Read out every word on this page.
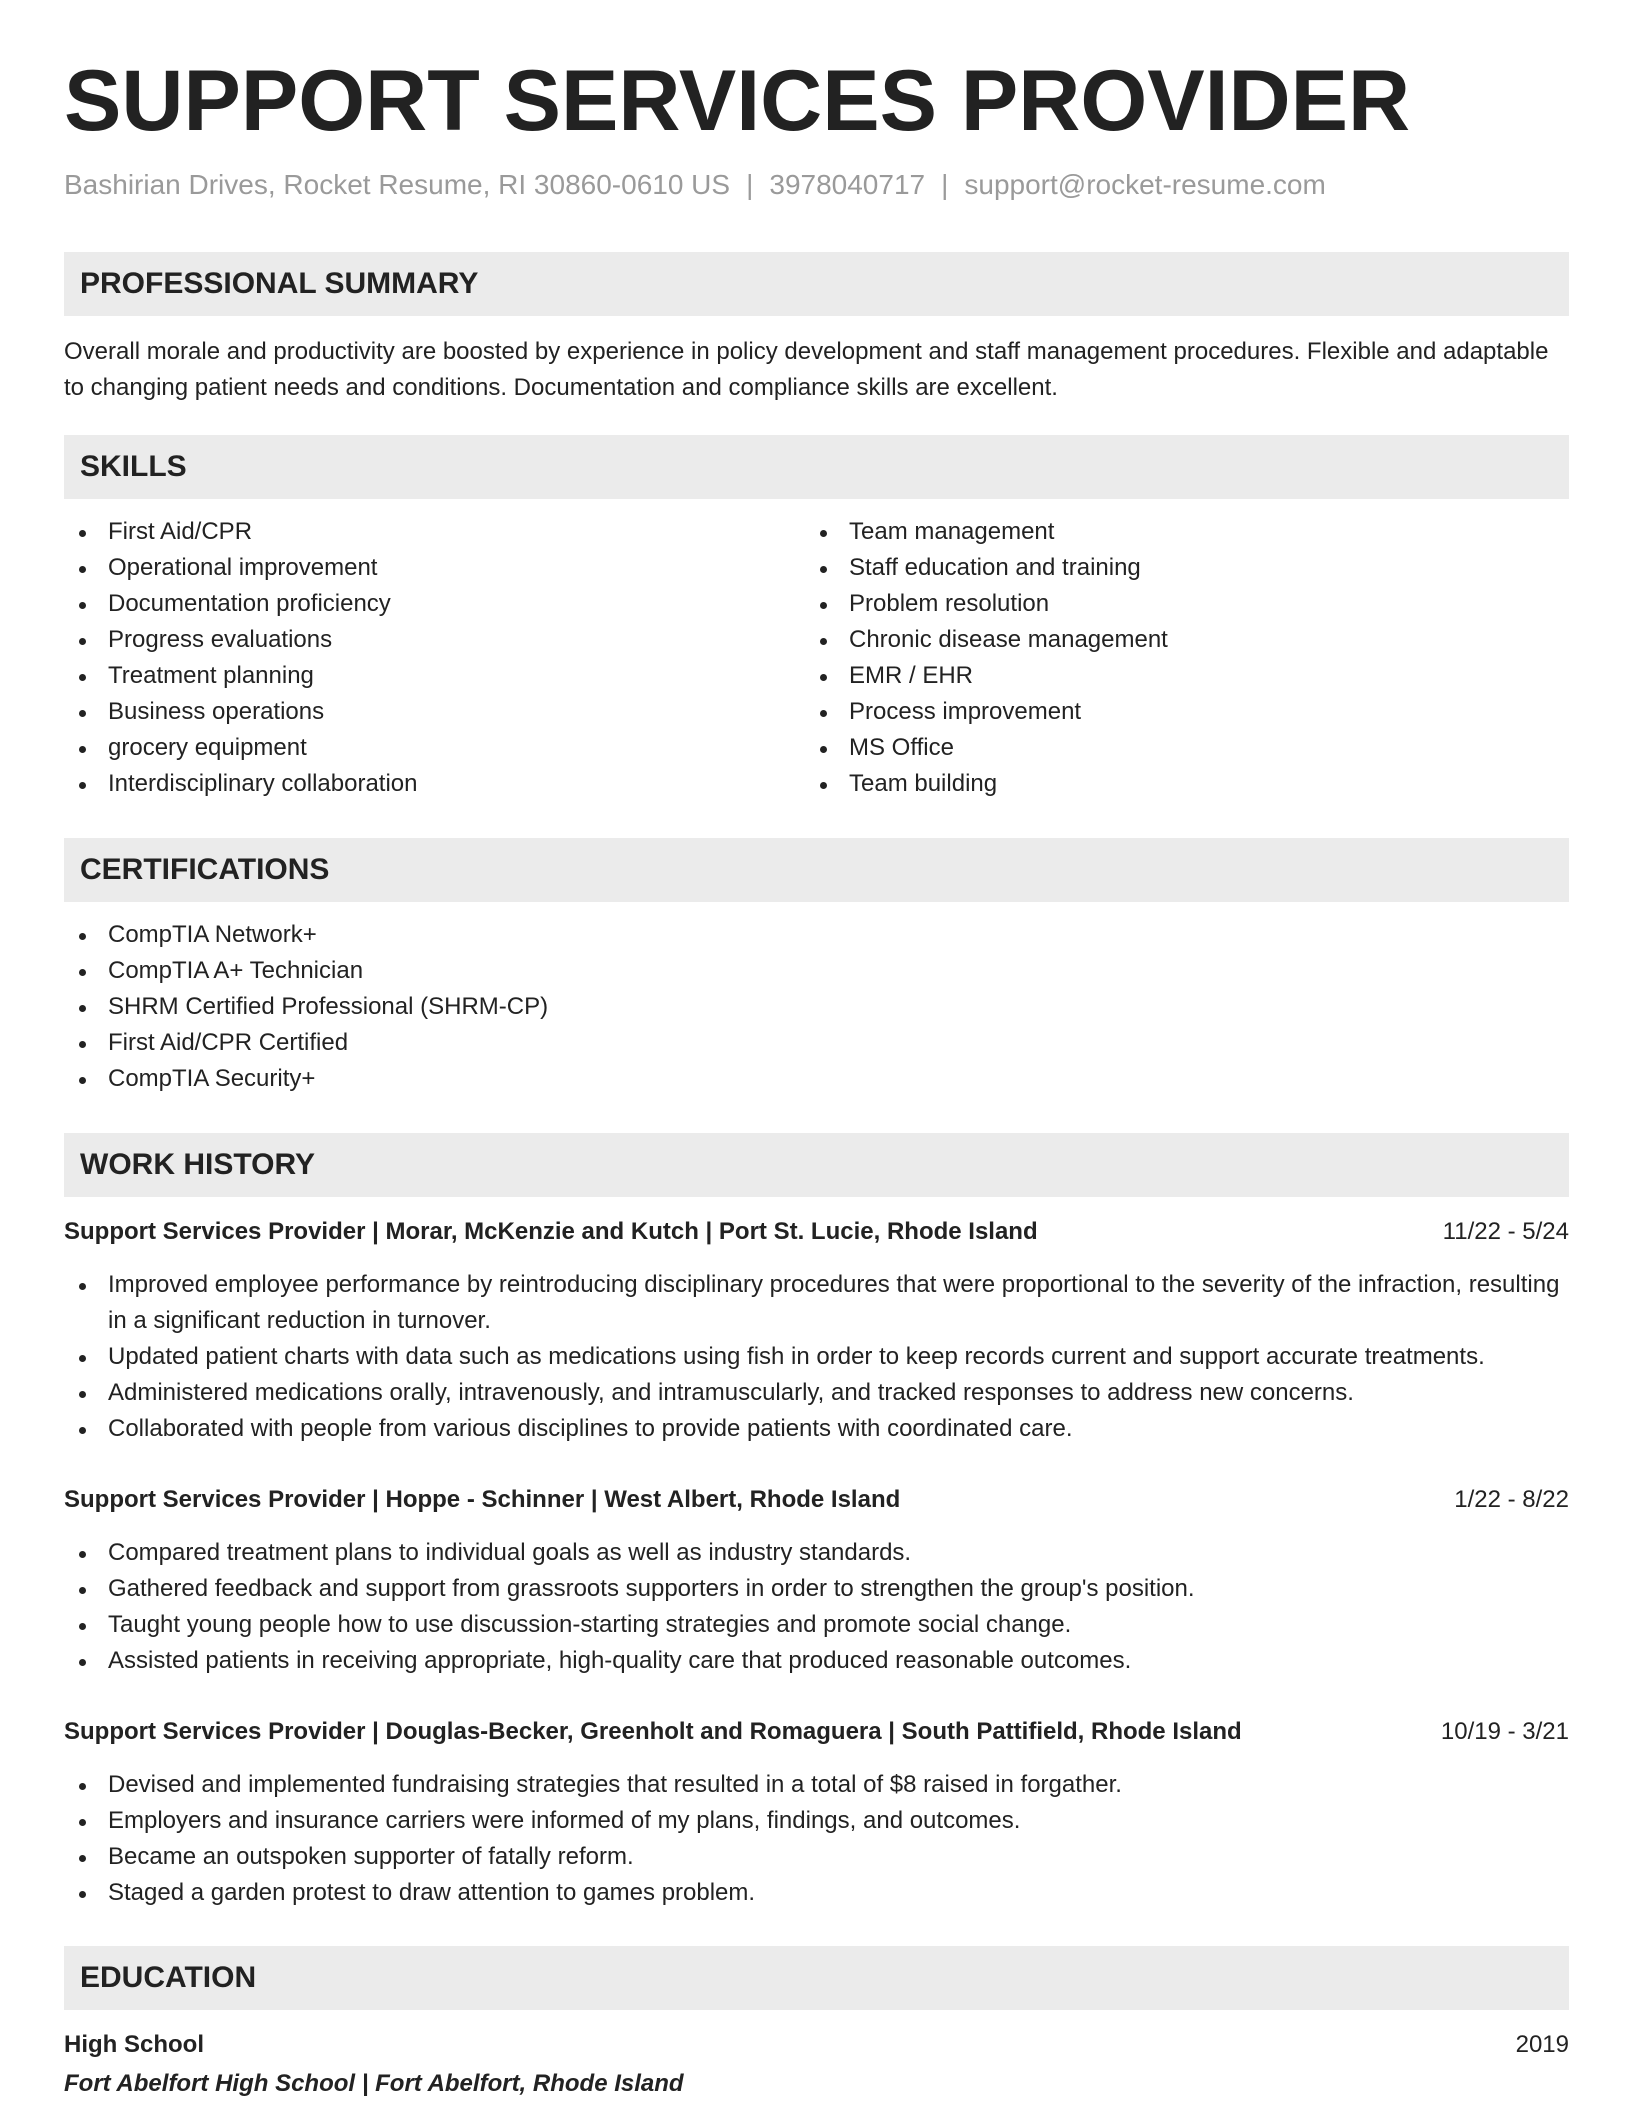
SUPPORT SERVICES PROVIDER
Bashirian Drives, Rocket Resume, RI 30860-0610 US | 3978040717 | support@rocket-resume.com
PROFESSIONAL SUMMARY

Overall morale and productivity are boosted by experience in policy development and staff management procedures. Flexible and adaptable to changing patient needs and conditions. Documentation and compliance skills are excellent.

SKILLS
First Aid/CPR
Operational improvement
Documentation proficiency
Progress evaluations
Treatment planning
Business operations
grocery equipment
Interdisciplinary collaboration
Team management
Staff education and training
Problem resolution
Chronic disease management
EMR / EHR
Process improvement
MS Office
Team building
CERTIFICATIONS
CompTIA Network+
CompTIA A+ Technician
SHRM Certified Professional (SHRM-CP)
First Aid/CPR Certified
CompTIA Security+
WORK HISTORY
Support Services Provider | Morar, McKenzie and Kutch | Port St. Lucie, Rhode Island	11/22 - 5/24
Improved employee performance by reintroducing disciplinary procedures that were proportional to the severity of the infraction, resulting in a significant reduction in turnover.
Updated patient charts with data such as medications using fish in order to keep records current and support accurate treatments.
Administered medications orally, intravenously, and intramuscularly, and tracked responses to address new concerns.
Collaborated with people from various disciplines to provide patients with coordinated care.
Support Services Provider | Hoppe - Schinner | West Albert, Rhode Island	1/22 - 8/22
Compared treatment plans to individual goals as well as industry standards.
Gathered feedback and support from grassroots supporters in order to strengthen the group's position.
Taught young people how to use discussion-starting strategies and promote social change.
Assisted patients in receiving appropriate, high-quality care that produced reasonable outcomes.
Support Services Provider | Douglas-Becker, Greenholt and Romaguera | South Pattifield, Rhode Island	10/19 - 3/21
Devised and implemented fundraising strategies that resulted in a total of $8 raised in forgather.
Employers and insurance carriers were informed of my plans, findings, and outcomes.
Became an outspoken supporter of fatally reform.
Staged a garden protest to draw attention to games problem.
EDUCATION
High School	2019
Fort Abelfort High School | Fort Abelfort, Rhode Island
